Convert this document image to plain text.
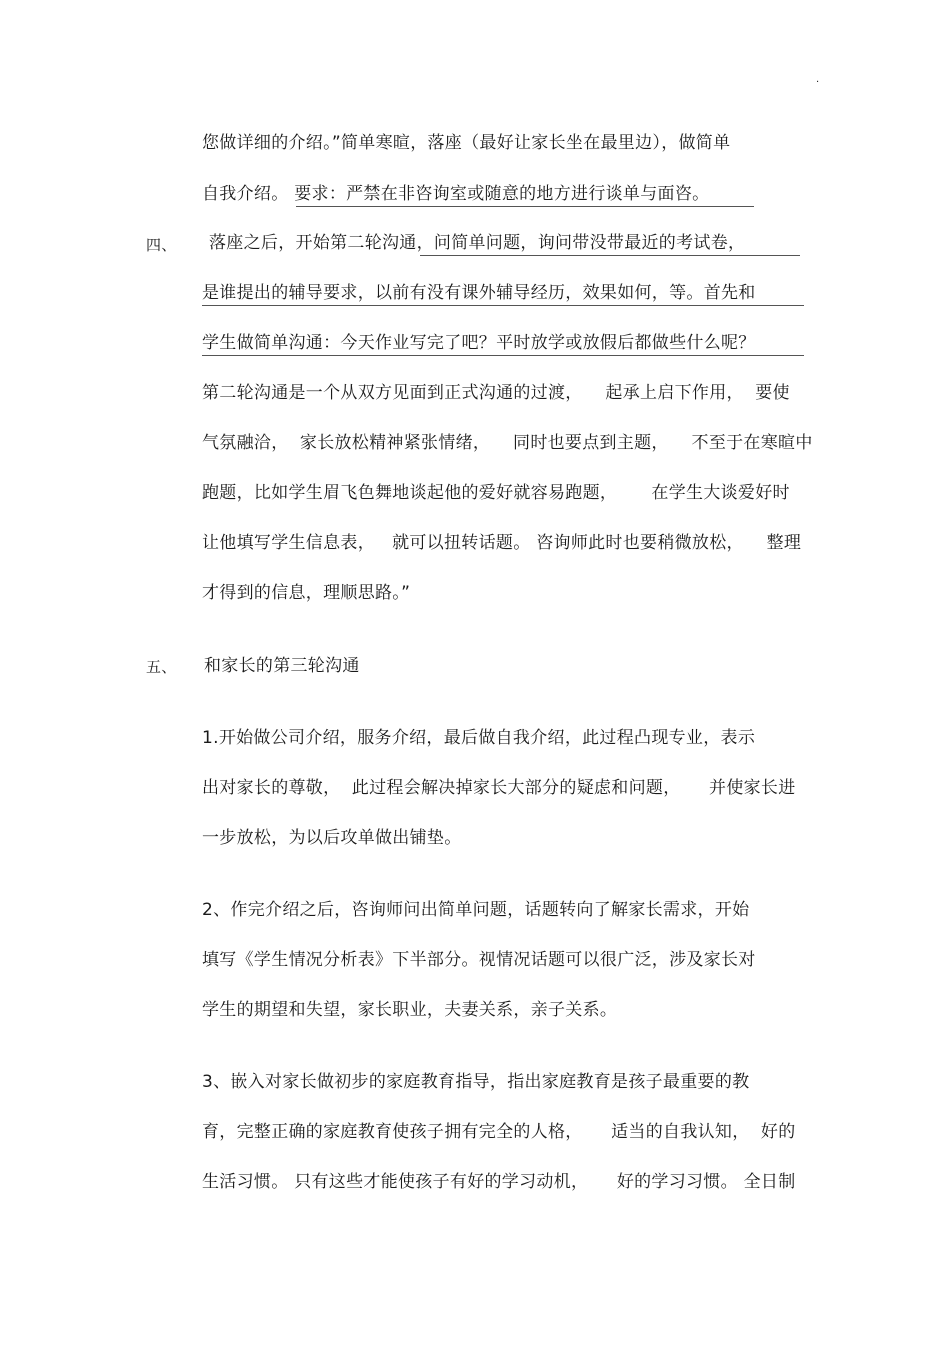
.
您做详细的介绍。”简单寒暄，落座（最好让家长坐在最里边），做简单
自我介绍。 要求：严禁在非咨询室或随意的地方进行谈单与面咨。
四、 落座之后，开始第二轮沟通，问简单问题，询问带没带最近的考试卷，
是谁提出的辅导要求，以前有没有课外辅导经历，效果如何，等。首先和
学生做简单沟通：今天作业写完了吧？平时放学或放假后都做些什么呢？
第二轮沟通是一个从双方见面到正式沟通的过渡，    起承上启下作用，  要使
气氛融洽，  家长放松精神紧张情绪，    同时也要点到主题，    不至于在寒暄中
跑题，比如学生眉飞色舞地谈起他的爱好就容易跑题，      在学生大谈爱好时
让他填写学生信息表，   就可以扭转话题。 咨询师此时也要稍微放松，    整理
才得到的信息，理顺思路。”
五、 和家长的第三轮沟通
1.开始做公司介绍，服务介绍，最后做自我介绍，此过程凸现专业，表示
出对家长的尊敬，  此过程会解决掉家长大部分的疑虑和问题，     并使家长进
一步放松，为以后攻单做出铺垫。
2、作完介绍之后，咨询师问出简单问题，话题转向了解家长需求，开始
填写《学生情况分析表》下半部分。视情况话题可以很广泛，涉及家长对
学生的期望和失望，家长职业，夫妻关系，亲子关系。
3、嵌入对家长做初步的家庭教育指导，指出家庭教育是孩子最重要的教
育，完整正确的家庭教育使孩子拥有完全的人格，     适当的自我认知，  好的
生活习惯。 只有这些才能使孩子有好的学习动机，     好的学习习惯。 全日制
